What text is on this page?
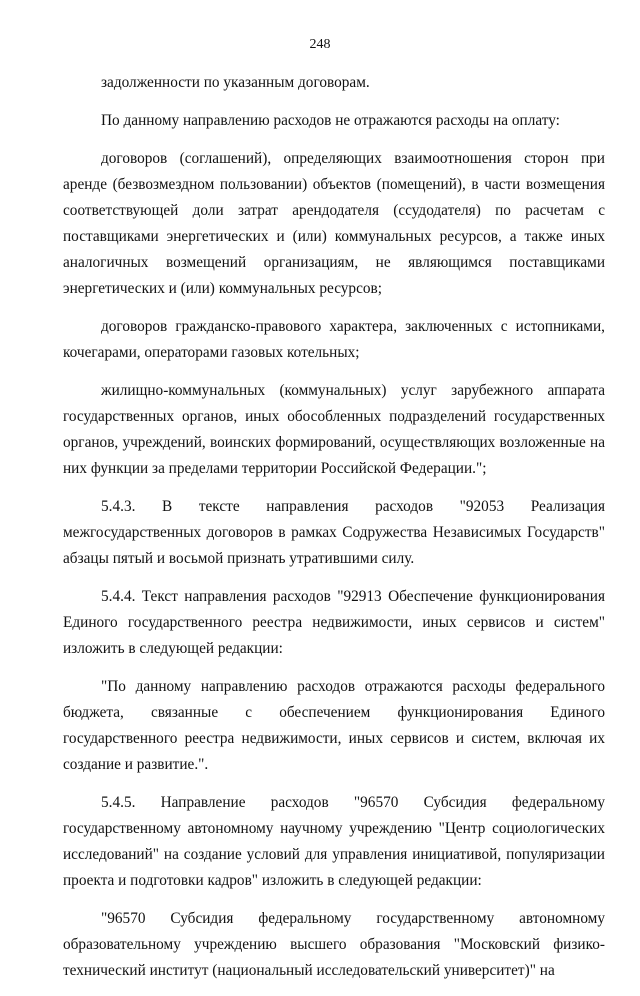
248

задолженности по указанным договорам.

По данному направлению расходов не отражаются расходы на оплату:

договоров (соглашений), определяющих взаимоотношения сторон при аренде (безвозмездном пользовании) объектов (помещений), в части возмещения соответствующей доли затрат арендодателя (ссудодателя) по расчетам с поставщиками энергетических и (или) коммунальных ресурсов, а также иных аналогичных возмещений организациям, не являющимся поставщиками энергетических и (или) коммунальных ресурсов;

договоров гражданско-правового характера, заключенных с истопниками, кочегарами, операторами газовых котельных;

жилищно-коммунальных (коммунальных) услуг зарубежного аппарата государственных органов, иных обособленных подразделений государственных органов, учреждений, воинских формирований, осуществляющих возложенные на них функции за пределами территории Российской Федерации.";

5.4.3. В тексте направления расходов "92053 Реализация межгосударственных договоров в рамках Содружества Независимых Государств" абзацы пятый и восьмой признать утратившими силу.

5.4.4. Текст направления расходов "92913 Обеспечение функционирования Единого государственного реестра недвижимости, иных сервисов и систем" изложить в следующей редакции:

"По данному направлению расходов отражаются расходы федерального бюджета, связанные с обеспечением функционирования Единого государственного реестра недвижимости, иных сервисов и систем, включая их создание и развитие.".

5.4.5. Направление расходов "96570 Субсидия федеральному государственному автономному научному учреждению "Центр социологических исследований" на создание условий для управления инициативой, популяризации проекта и подготовки кадров" изложить в следующей редакции:

"96570 Субсидия федеральному государственному автономному образовательному учреждению высшего образования "Московский физико-технический институт (национальный исследовательский университет)" на
